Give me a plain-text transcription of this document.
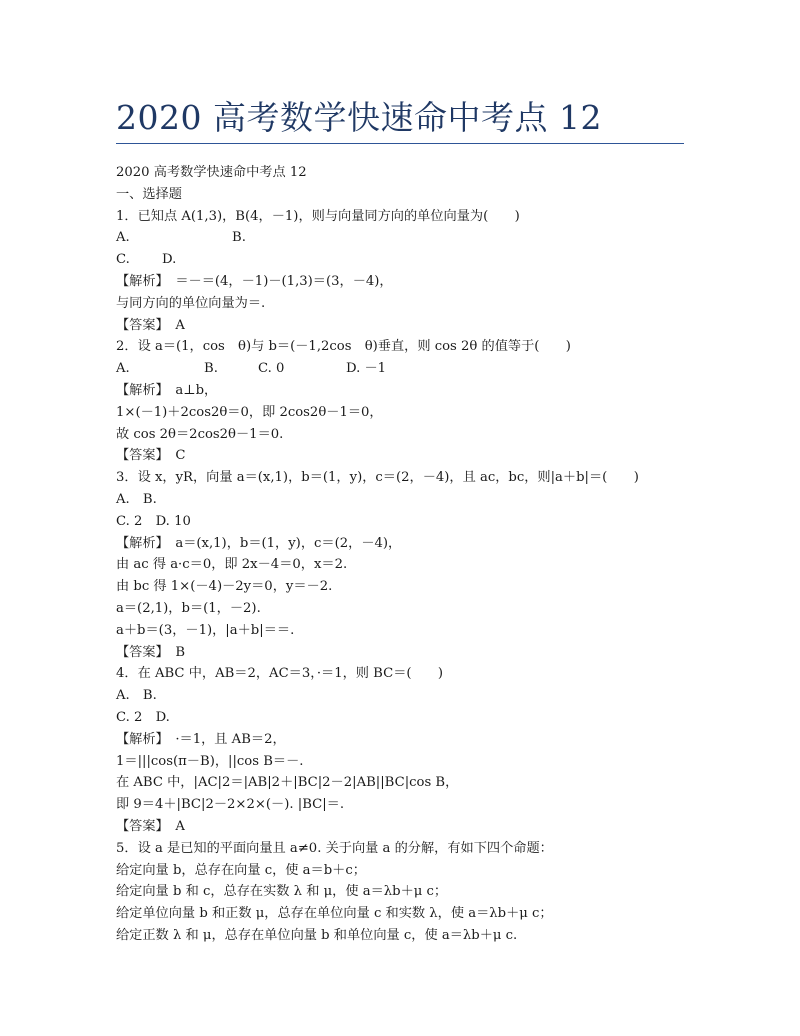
2020 高考数学快速命中考点 12
2020 高考数学快速命中考点 12
一、选择题
1．已知点 A(1,3)，B(4，－1)，则与向量同方向的单位向量为(　　)
A.	B.
C. D.
【解析】　＝－＝(4，－1)－(1,3)＝(3，－4)，
与同方向的单位向量为＝.
【答案】　A
2．设 a＝(1，cos　θ)与 b＝(－1,2cos　θ)垂直，则 cos 2θ 的值等于(　　)
A.	B.	C. 0	D. －1
【解析】　a⊥b，
1×(－1)＋2cos2θ＝0，即 2cos2θ－1＝0，
故 cos 2θ＝2cos2θ－1＝0.
【答案】　C
3．设 x，yR，向量 a＝(x,1)，b＝(1，y)，c＝(2，－4)，且 ac，bc，则|a＋b|＝(　　)
A.　B.
C. 2　D. 10
【解析】　a＝(x,1)，b＝(1，y)，c＝(2，－4)，
由 ac 得 a·c＝0，即 2x－4＝0，x＝2.
由 bc 得 1×(－4)－2y＝0，y＝－2.
a＝(2,1)，b＝(1，－2).
a＋b＝(3，－1)，|a＋b|＝＝.
【答案】　B
4．在 ABC 中，AB＝2，AC＝3，·＝1，则 BC＝(　　)
A.　B.
C. 2　D.
【解析】　·＝1，且 AB＝2，
1＝|||cos(π－B)，||cos B＝－.
在 ABC 中，|AC|2＝|AB|2＋|BC|2－2|AB||BC|cos B，
即 9＝4＋|BC|2－2×2×(－). |BC|＝.
【答案】　A
5．设 a 是已知的平面向量且 a≠0. 关于向量 a 的分解，有如下四个命题：
给定向量 b，总存在向量 c，使 a＝b＋c；
给定向量 b 和 c，总存在实数 λ 和 μ，使 a＝λb＋μ c；
给定单位向量 b 和正数 μ，总存在单位向量 c 和实数 λ，使 a＝λb＋μ c；
给定正数 λ 和 μ，总存在单位向量 b 和单位向量 c，使 a＝λb＋μ c.
